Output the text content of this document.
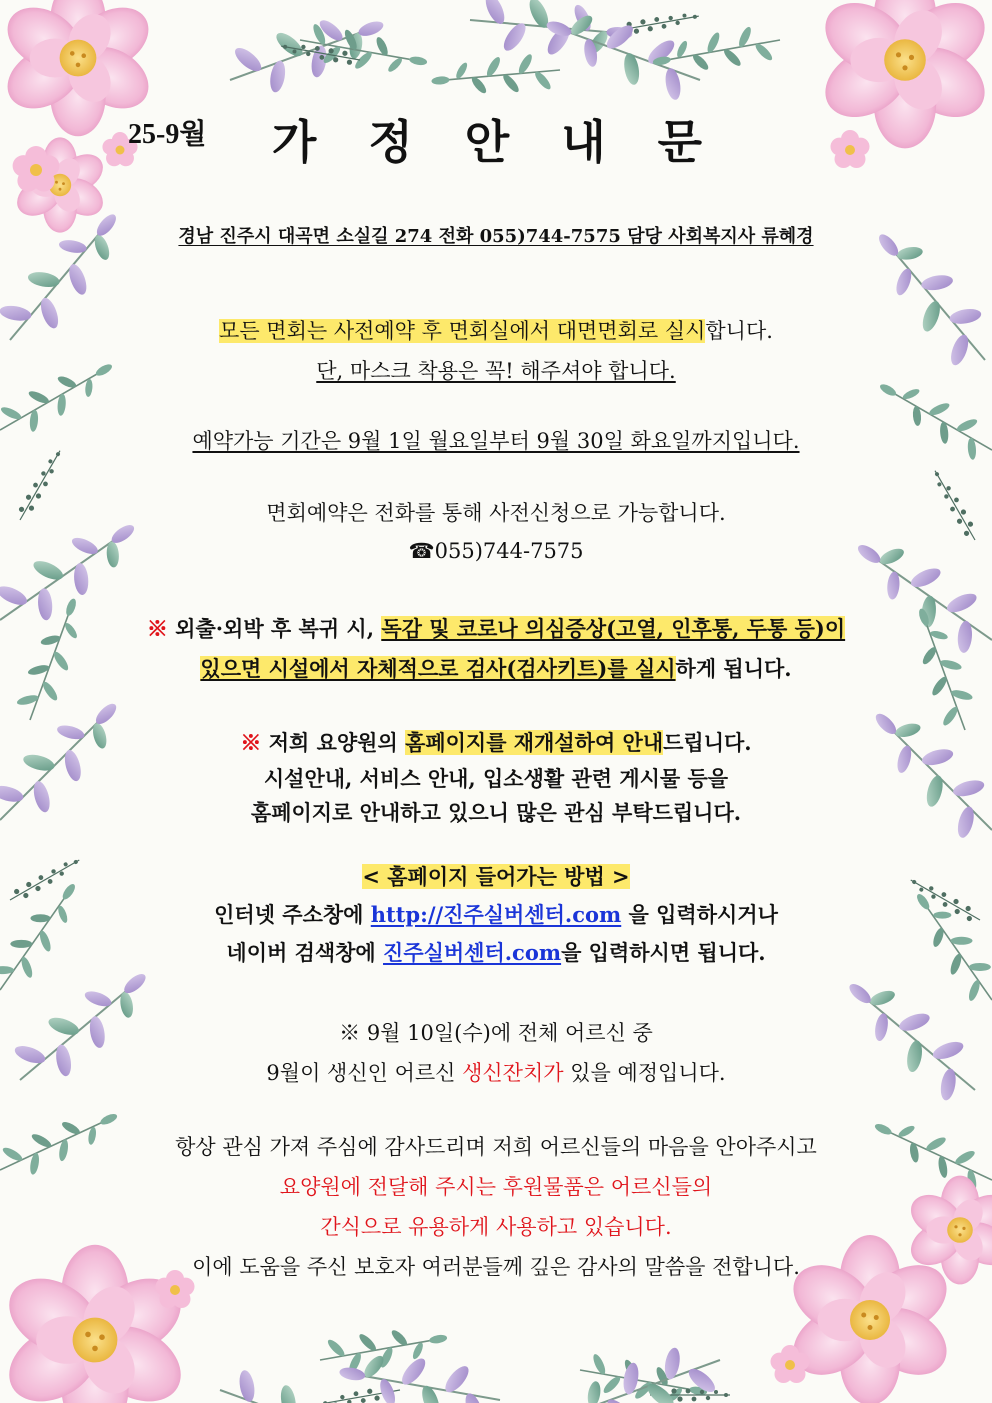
25-9월	가 정 안 내 문
경남 진주시 대곡면 소실길 274 전화 055)744-7575 담당 사회복지사 류혜경
모든 면회는 사전예약 후 면회실에서 대면면회로 실시합니다.
단, 마스크 착용은 꼭! 해주셔야 합니다.
예약가능 기간은 9월 1일 월요일부터 9월 30일 화요일까지입니다.
면회예약은 전화를 통해 사전신청으로 가능합니다.
☎055)744-7575
※ 외출·외박 후 복귀 시, 독감 및 코로나 의심증상(고열, 인후통, 두통 등)이
있으면 시설에서 자체적으로 검사(검사키트)를 실시하게 됩니다.
※ 저희 요양원의 홈페이지를 재개설하여 안내드립니다.
시설안내, 서비스 안내, 입소생활 관련 게시물 등을
홈페이지로 안내하고 있으니 많은 관심 부탁드립니다.
< 홈페이지 들어가는 방법 >
인터넷 주소창에 http://진주실버센터.com 을 입력하시거나
네이버 검색창에 진주실버센터.com을 입력하시면 됩니다.
※ 9월 10일(수)에 전체 어르신 중
9월이 생신인 어르신 생신잔치가 있을 예정입니다.
항상 관심 가져 주심에 감사드리며 저희 어르신들의 마음을 안아주시고
요양원에 전달해 주시는 후원물품은 어르신들의
간식으로 유용하게 사용하고 있습니다.
이에 도움을 주신 보호자 여러분들께 깊은 감사의 말씀을 전합니다.
